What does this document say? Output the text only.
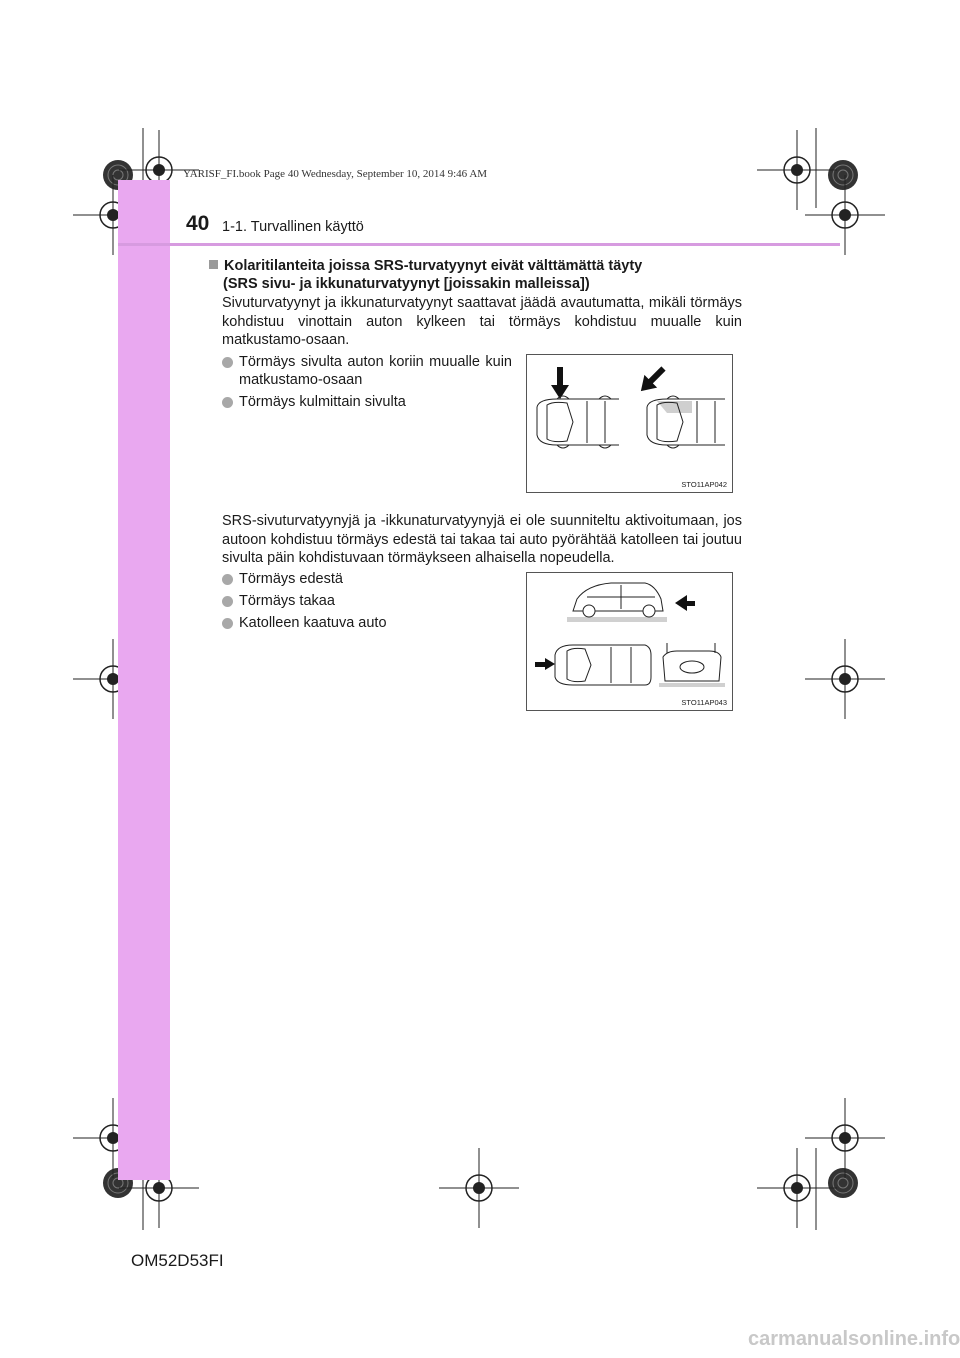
YARISF_FI.book Page 40 Wednesday, September 10, 2014 9:46 AM
40 1-1. Turvallinen käyttö
Kolaritilanteita joissa SRS-turvatyynyt eivät välttämättä täyty
(SRS sivu- ja ikkunaturvatyynyt [joissakin malleissa])
Sivuturvatyynyt ja ikkunaturvatyynyt saattavat jäädä avautumatta, mikäli törmäys kohdistuu vinottain auton kylkeen tai törmäys kohdistuu muualle kuin matkustamo-osaan.
Törmäys sivulta auton koriin muualle kuin matkustamo-osaan
Törmäys kulmittain sivulta
STO11AP042
SRS-sivuturvatyynyjä ja -ikkunaturvatyynyjä ei ole suunniteltu aktivoitumaan, jos autoon kohdistuu törmäys edestä tai takaa tai auto pyörähtää katolleen tai joutuu sivulta päin kohdistuvaan törmäykseen alhaisella nopeudella.
Törmäys edestä
Törmäys takaa
Katolleen kaatuva auto
STO11AP043
OM52D53FI
carmanualsonline.info
